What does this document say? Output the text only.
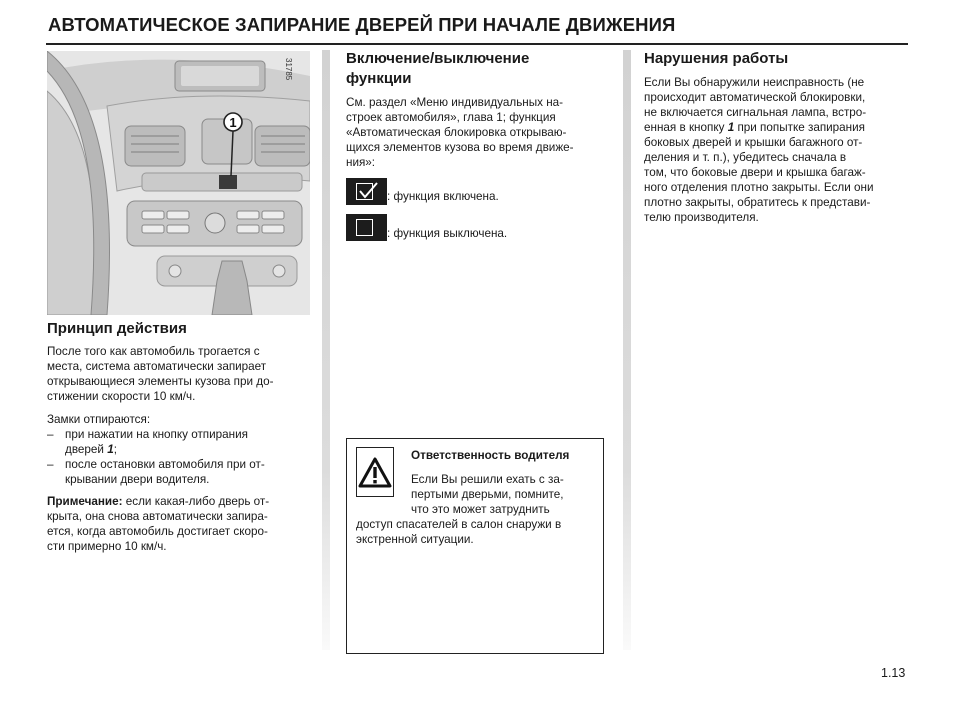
АВТОМАТИЧЕСКОЕ ЗАПИРАНИЕ ДВЕРЕЙ ПРИ НАЧАЛЕ ДВИЖЕНИЯ
1
31785
Принцип действия
После того как автомобиль трогается с
места, система автоматически запирает
открывающиеся элементы кузова при до-
стижении скорости 10 км/ч.
Замки отпираются:
– при нажатии на кнопку отпирания
дверей 1;
– после остановки автомобиля при от-
крывании двери водителя.
Примечание: если какая-либо дверь от-
крыта, она снова автоматически запира-
ется, когда автомобиль достигает скоро-
сти примерно 10 км/ч.
Включение/выключение
функции
См. раздел «Меню индивидуальных на-
строек автомобиля», глава 1; функция
«Автоматическая блокировка открываю-
щихся элементов кузова во время движе-
ния»:
: функция включена.
: функция выключена.
Ответственность водителя
Если Вы решили ехать с за-
пертыми дверьми, помните,
что это может затруднить
доступ спасателей в салон снаружи в
экстренной ситуации.
Нарушения работы
Если Вы обнаружили неисправность (не
происходит автоматической блокировки,
не включается сигнальная лампа, встро-
енная в кнопку 1 при попытке запирания
боковых дверей и крышки багажного от-
деления и т. п.), убедитесь сначала в
том, что боковые двери и крышка багаж-
ного отделения плотно закрыты. Если они
плотно закрыты, обратитесь к представи-
телю производителя.
1.13
